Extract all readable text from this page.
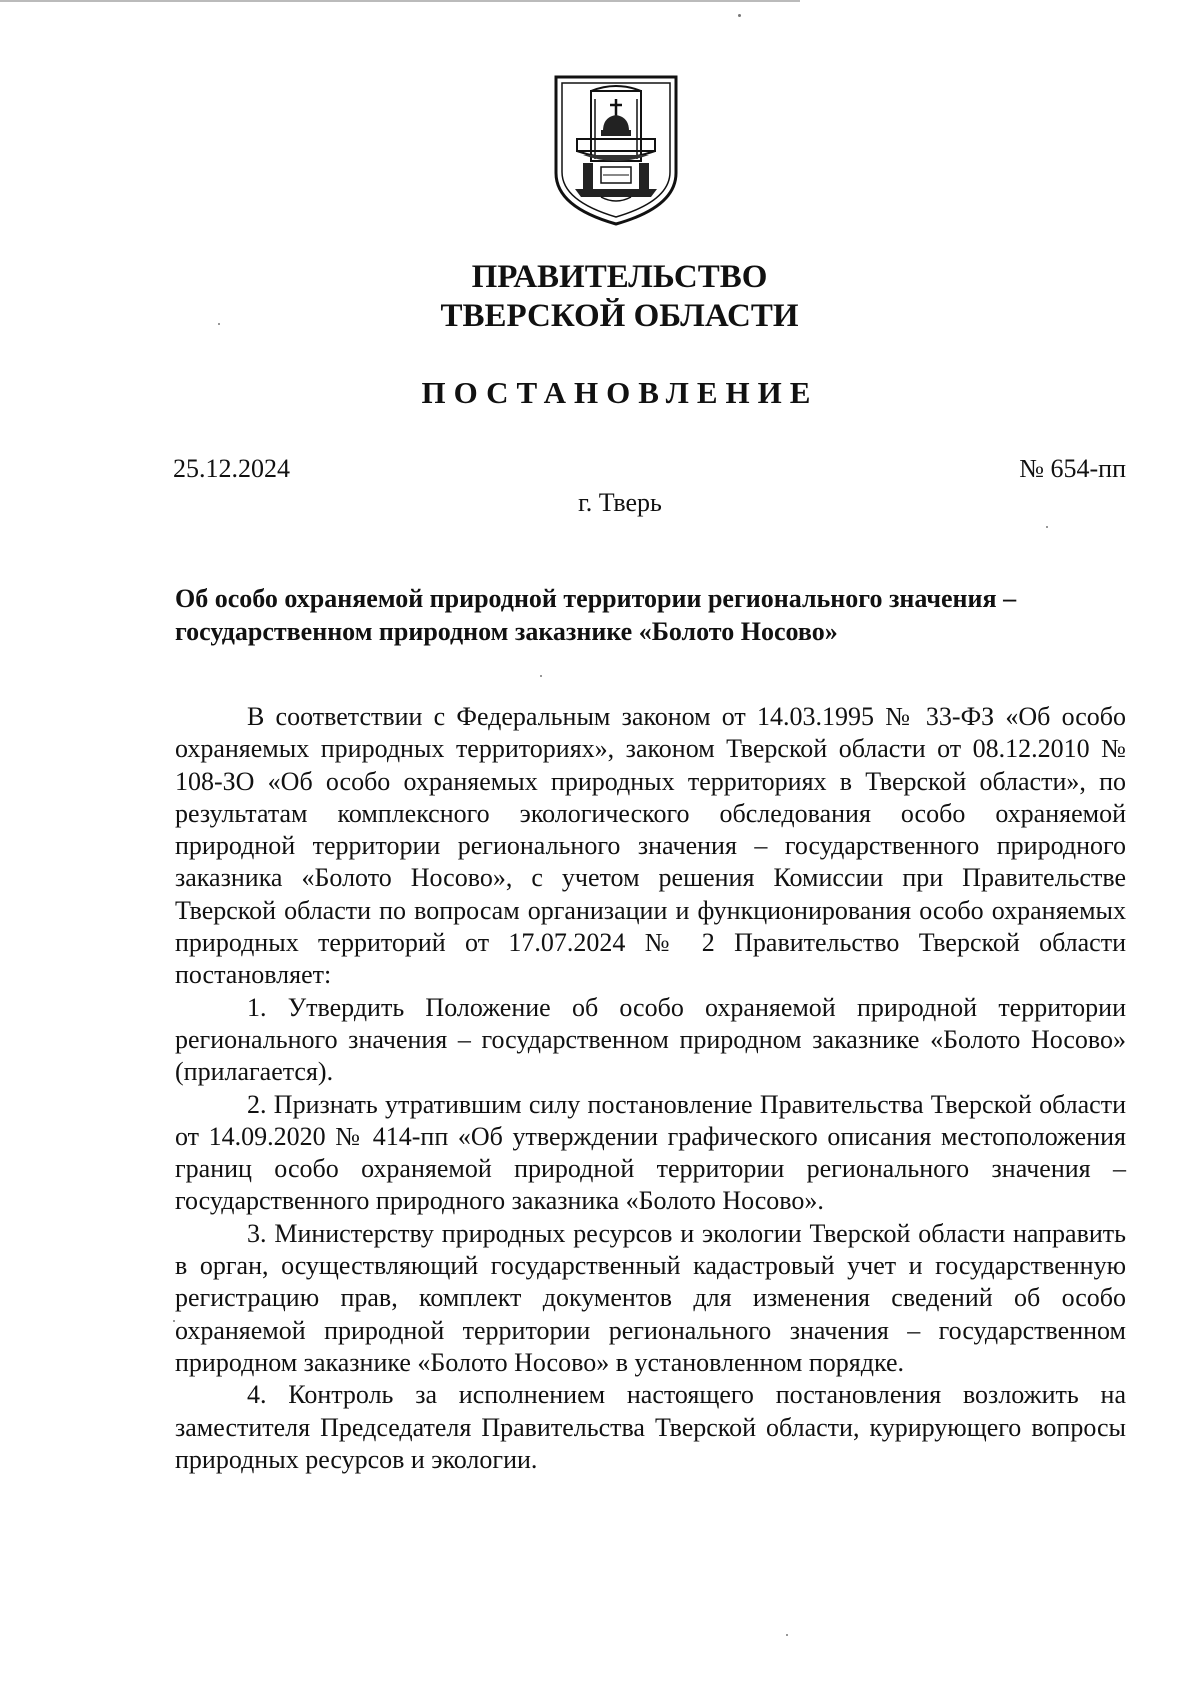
ПРАВИТЕЛЬСТВО
ТВЕРСКОЙ ОБЛАСТИ
ПОСТАНОВЛЕНИЕ
25.12.2024	№ 654-пп
г. Тверь
Об особо охраняемой природной территории регионального значения – государственном природном заказнике «Болото Носово»

В соответствии с Федеральным законом от 14.03.1995 № 33-ФЗ «Об особо охраняемых природных территориях», законом Тверской области от 08.12.2010 № 108-ЗО «Об особо охраняемых природных территориях в Тверской области», по результатам комплексного экологического обследования особо охраняемой природной территории регионального значения – государственного природного заказника «Болото Носово», с учетом решения Комиссии при Правительстве Тверской области по вопросам организации и функционирования особо охраняемых природных территорий от 17.07.2024 № 2 Правительство Тверской области постановляет:

1. Утвердить Положение об особо охраняемой природной территории регионального значения – государственном природном заказнике «Болото Носово» (прилагается).

2. Признать утратившим силу постановление Правительства Тверской области от 14.09.2020 № 414-пп «Об утверждении графического описания местоположения границ особо охраняемой природной территории регионального значения – государственного природного заказника «Болото Носово».

3. Министерству природных ресурсов и экологии Тверской области направить в орган, осуществляющий государственный кадастровый учет и государственную регистрацию прав, комплект документов для изменения сведений об особо охраняемой природной территории регионального значения – государственном природном заказнике «Болото Носово» в установленном порядке.

4. Контроль за исполнением настоящего постановления возложить на заместителя Председателя Правительства Тверской области, курирующего вопросы природных ресурсов и экологии.
